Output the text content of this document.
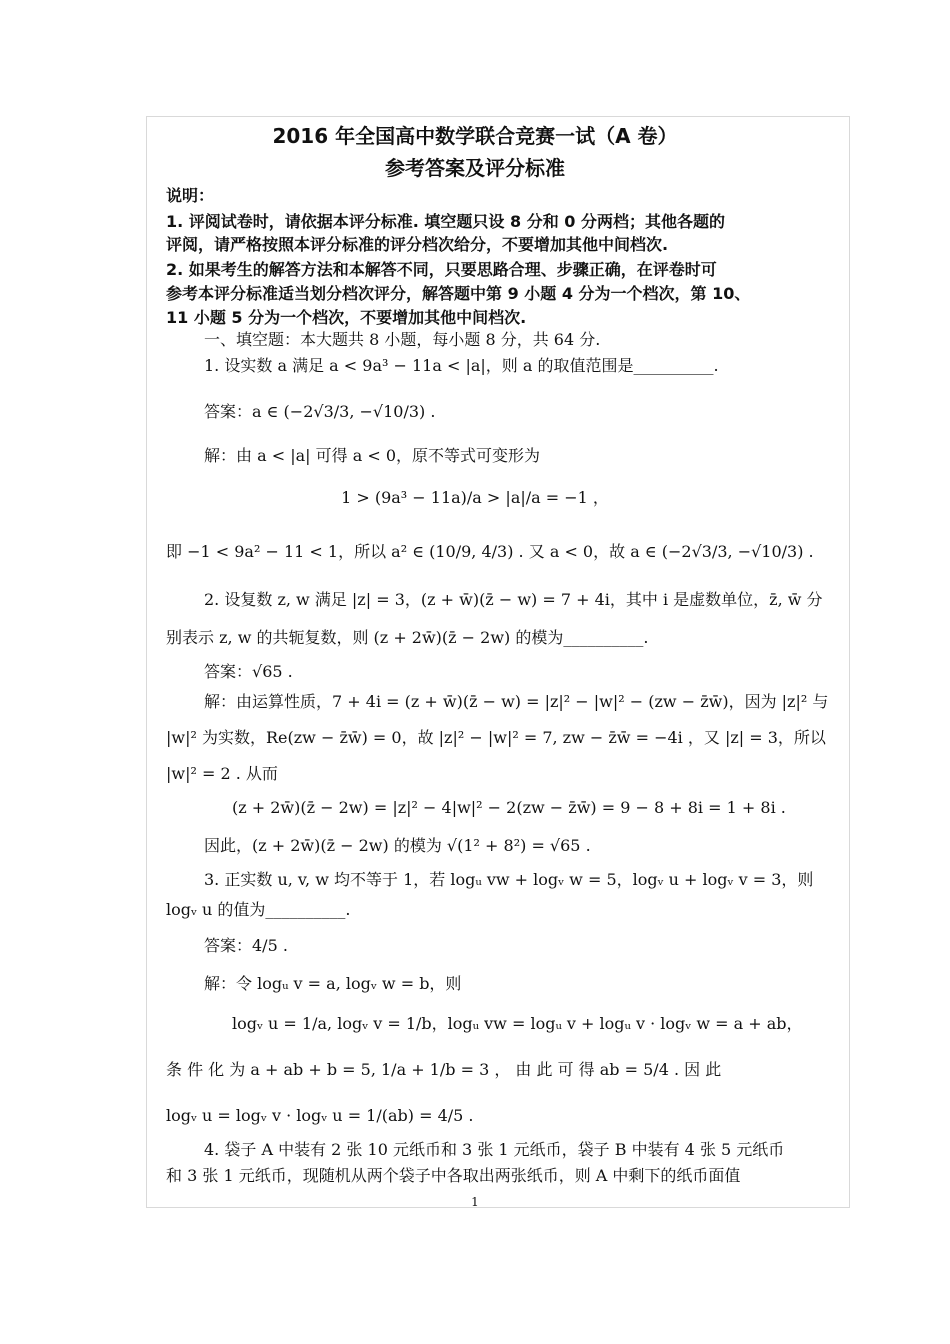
2016 年全国高中数学联合竞赛一试（A 卷）
参考答案及评分标准
说明：
1. 评阅试卷时，请依据本评分标准. 填空题只设 8 分和 0 分两档；其他各题的
评阅，请严格按照本评分标准的评分档次给分，不要增加其他中间档次.
2. 如果考生的解答方法和本解答不同，只要思路合理、步骤正确，在评卷时可
参考本评分标准适当划分档次评分，解答题中第 9 小题 4 分为一个档次，第 10、
11 小题 5 分为一个档次，不要增加其他中间档次.
一、填空题：本大题共 8 小题，每小题 8 分，共 64 分.
1. 设实数 a 满足 a < 9a³ − 11a < |a|，则 a 的取值范围是__________.
答案：a ∈ (−2√3/3, −√10/3) .
解：由 a < |a| 可得 a < 0，原不等式可变形为
1 > (9a³ − 11a)/a > |a|/a = −1 ，
即 −1 < 9a² − 11 < 1，所以 a² ∈ (10/9, 4/3) . 又 a < 0，故 a ∈ (−2√3/3, −√10/3) .
2. 设复数 z, w 满足 |z| = 3，(z + w̄)(z̄ − w) = 7 + 4i，其中 i 是虚数单位，z̄, w̄ 分
别表示 z, w 的共轭复数，则 (z + 2w̄)(z̄ − 2w) 的模为__________.
答案：√65 .
解：由运算性质，7 + 4i = (z + w̄)(z̄ − w) = |z|² − |w|² − (zw − z̄w̄)，因为 |z|² 与
|w|² 为实数，Re(zw − z̄w̄) = 0，故 |z|² − |w|² = 7, zw − z̄w̄ = −4i ，又 |z| = 3，所以
|w|² = 2 . 从而
(z + 2w̄)(z̄ − 2w) = |z|² − 4|w|² − 2(zw − z̄w̄) = 9 − 8 + 8i = 1 + 8i .
因此，(z + 2w̄)(z̄ − 2w) 的模为 √(1² + 8²) = √65 .
3. 正实数 u, v, w 均不等于 1，若 logᵤ vw + logᵥ w = 5，logᵥ u + logᵥ v = 3，则
logᵥ u 的值为__________.
答案：4/5 .
解：令 logᵤ v = a, logᵥ w = b，则
logᵥ u = 1/a, logᵥ v = 1/b，logᵤ vw = logᵤ v + logᵤ v · logᵥ w = a + ab，
条 件 化 为 a + ab + b = 5, 1/a + 1/b = 3 ， 由 此 可 得 ab = 5/4 . 因 此
logᵥ u = logᵥ v · logᵥ u = 1/(ab) = 4/5 .
4. 袋子 A 中装有 2 张 10 元纸币和 3 张 1 元纸币，袋子 B 中装有 4 张 5 元纸币
和 3 张 1 元纸币，现随机从两个袋子中各取出两张纸币，则 A 中剩下的纸币面值
1
